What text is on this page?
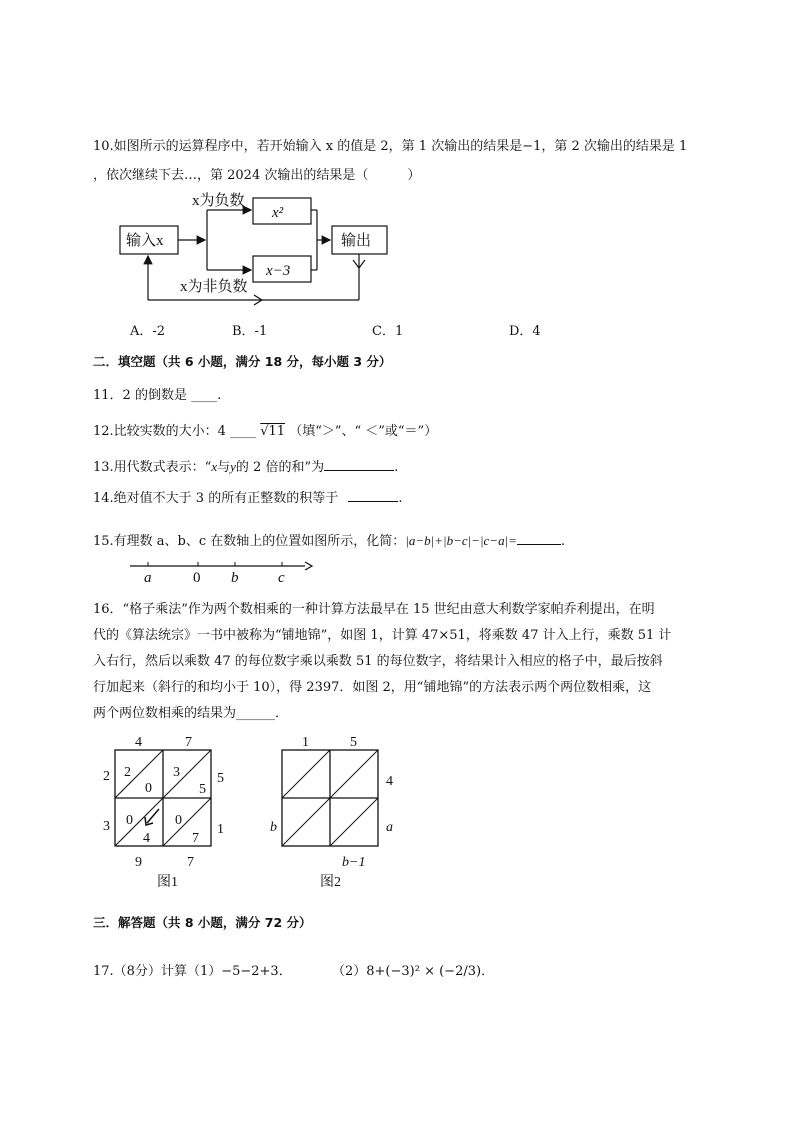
10.如图所示的运算程序中，若开始输入 x 的值是 2，第 1 次输出的结果是−1，第 2 次输出的结果是 1
，依次继续下去…，第 2024 次输出的结果是（　　　）
输入x
x为负数
x为非负数
x²
x−3
输出
A．-2	B．-1	C．1	D．4
二．填空题（共 6 小题，满分 18 分，每小题 3 分）
11．2 的倒数是 ____.
12.比较实数的大小：4 ____ √11 （填“＞”、“ ＜”或“＝”）
13.用代数式表示：“x与y的 2 倍的和”为	.
14.绝对值不大于 3 的所有正整数的积等于	.
15.有理数 a、b、c 在数轴上的位置如图所示，化简：|a−b|+|b−c|−|c−a|=	.
a	0 b	c
16．“格子乘法”作为两个数相乘的一种计算方法最早在 15 世纪由意大利数学家帕乔利提出，在明
代的《算法统宗》一书中被称为“铺地锦”，如图 1，计算 47×51，将乘数 47 计入上行，乘数 51 计
入右行，然后以乘数 47 的每位数字乘以乘数 51 的每位数字，将结果计入相应的格子中，最后按斜
行加起来（斜行的和均小于 10），得 2397．如图 2，用“铺地锦”的方法表示两个两位数相乘，这
两个两位数相乘的结果为______．
4	7
5
1
2
3
9	7
2
0
3
5
0
4
0
7
图1
1	5
4
a
b
b−1
图2
三．解答题（共 8 小题，满分 72 分）
17.（8分）计算（1）−5−2+3．	（2）8+(−3)² × (−2/3)．
